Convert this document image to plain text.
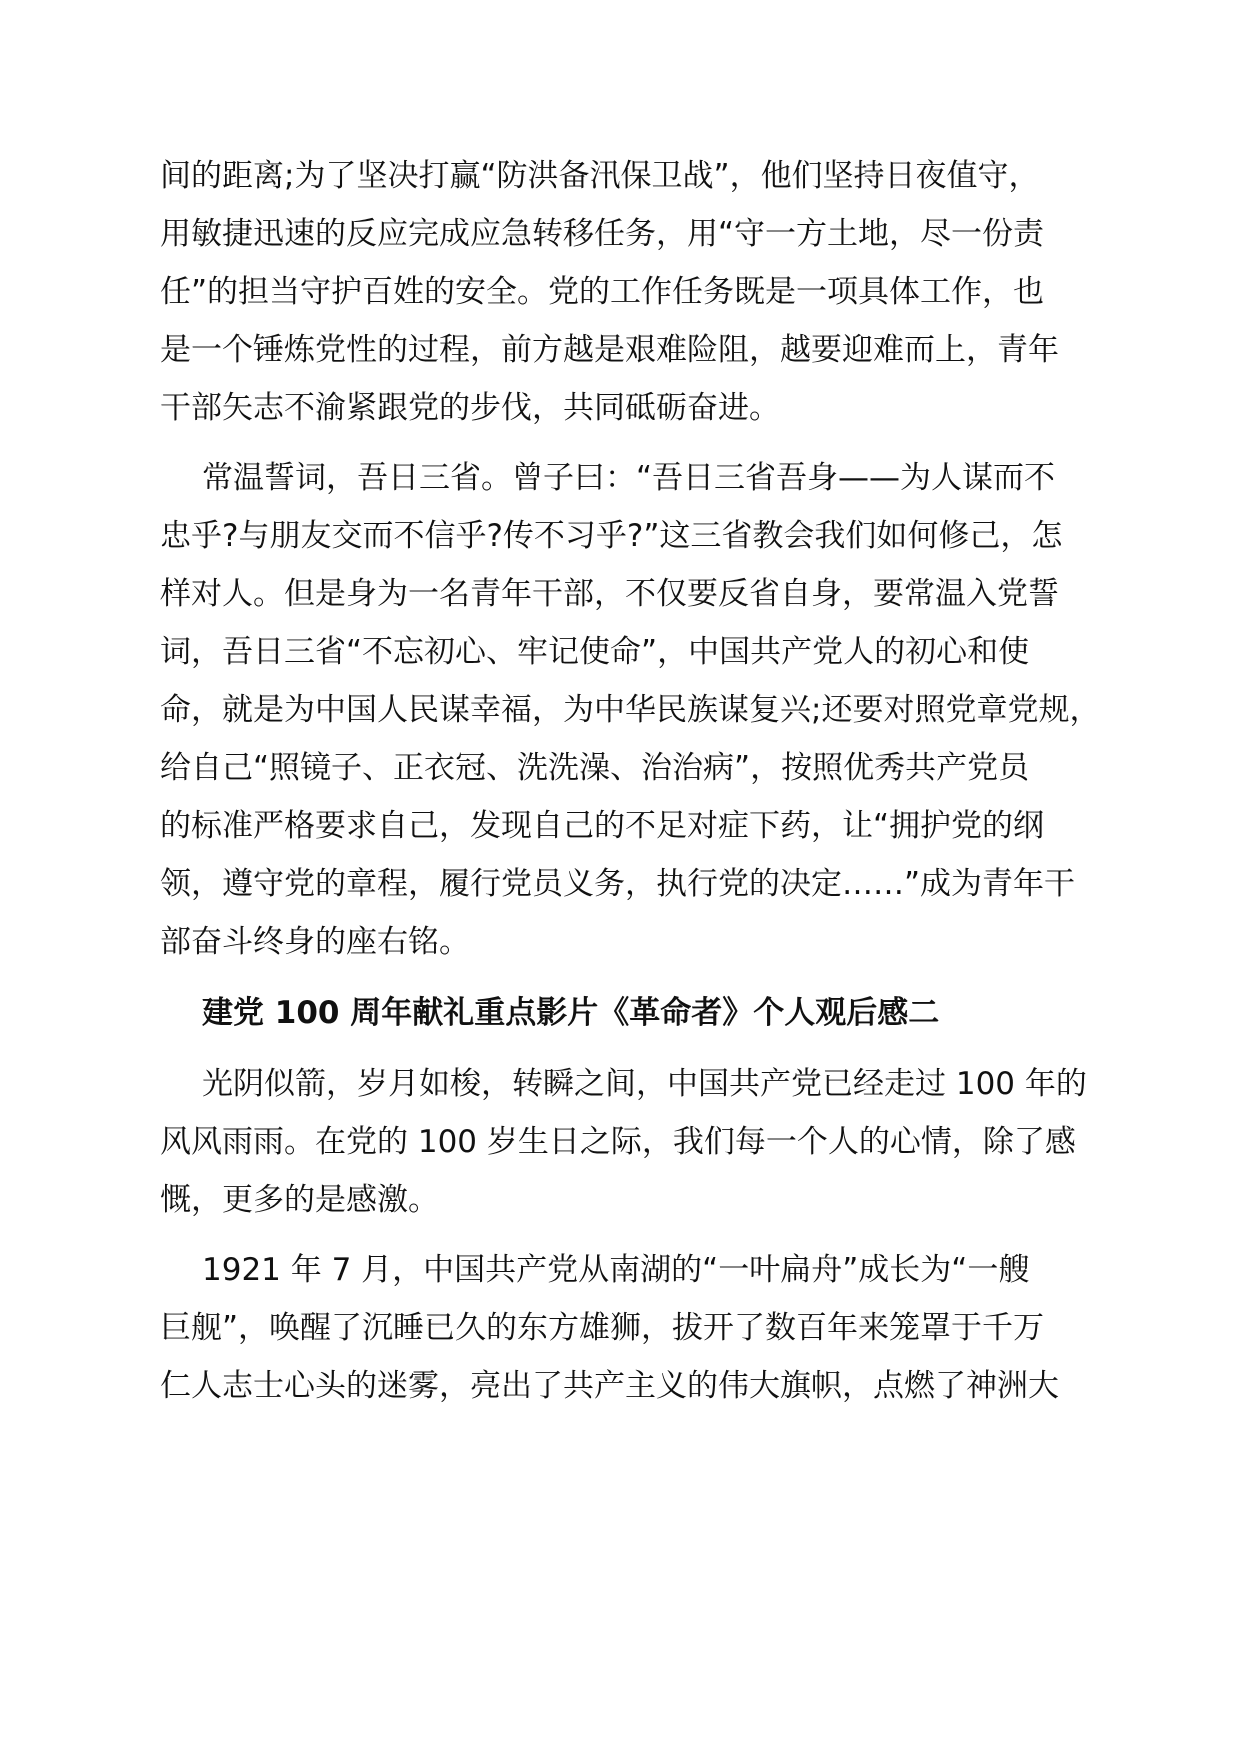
间的距离;为了坚决打赢“防洪备汛保卫战”，他们坚持日夜值守，
用敏捷迅速的反应完成应急转移任务，用“守一方土地，尽一份责
任”的担当守护百姓的安全。党的工作任务既是一项具体工作，也
是一个锤炼党性的过程，前方越是艰难险阻，越要迎难而上，青年
干部矢志不渝紧跟党的步伐，共同砥砺奋进。
常温誓词，吾日三省。曾子曰：“吾日三省吾身——为人谋而不
忠乎?与朋友交而不信乎?传不习乎?”这三省教会我们如何修己，怎
样对人。但是身为一名青年干部，不仅要反省自身，要常温入党誓
词，吾日三省“不忘初心、牢记使命”，中国共产党人的初心和使
命，就是为中国人民谋幸福，为中华民族谋复兴;还要对照党章党规，
给自己“照镜子、正衣冠、洗洗澡、治治病”，按照优秀共产党员
的标准严格要求自己，发现自己的不足对症下药，让“拥护党的纲
领，遵守党的章程，履行党员义务，执行党的决定……”成为青年干
部奋斗终身的座右铭。
建党 100 周年献礼重点影片《革命者》个人观后感二
光阴似箭，岁月如梭，转瞬之间，中国共产党已经走过 100 年的
风风雨雨。在党的 100 岁生日之际，我们每一个人的心情，除了感
慨，更多的是感激。
1921 年 7 月，中国共产党从南湖的“一叶扁舟”成长为“一艘
巨舰”，唤醒了沉睡已久的东方雄狮，拔开了数百年来笼罩于千万
仁人志士心头的迷雾，亮出了共产主义的伟大旗帜，点燃了神洲大
